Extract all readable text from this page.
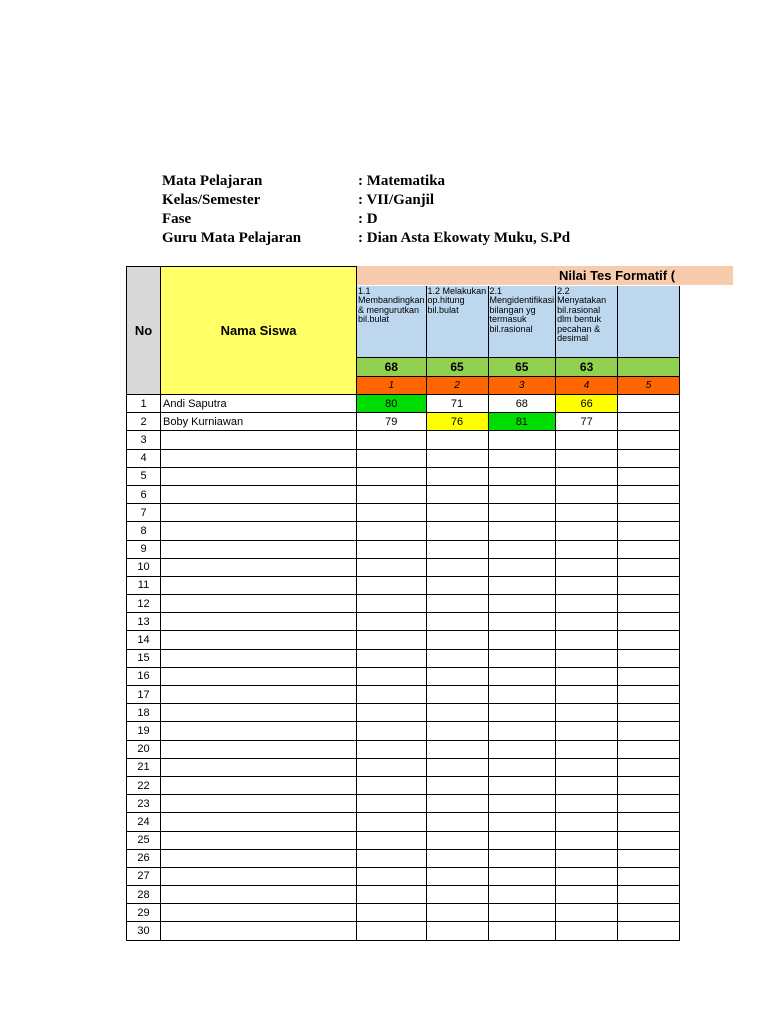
Mata Pelajaran	: Matematika
Kelas/Semester	: VII/Ganjil
Fase	: D
Guru Mata Pelajaran	: Dian Asta Ekowaty Muku, S.Pd
No	Nama Siswa					

		1.1 Membandingkan & mengurutkan bil.bulat	1.2 Melakukan op.hitung bil.bulat	2.1 Mengidentifikasi bilangan yg termasuk bil.rasional	2.2 Menyatakan bil.rasional dlm bentuk pecahan & desimal	

		68	65	65	63	
		1	2	3	4	5
1	Andi Saputra	80	71	68	66	
2	Boby Kurniawan	79	76	81	77	
3						
4						
5						
6						
7						
8						
9						
10						
11						
12						
13						
14						
15						
16						
17						
18						
19						
20						
21						
22						
23						
24						
25						
26						
27						
28						
29						
30						
Nilai Tes Formatif (
